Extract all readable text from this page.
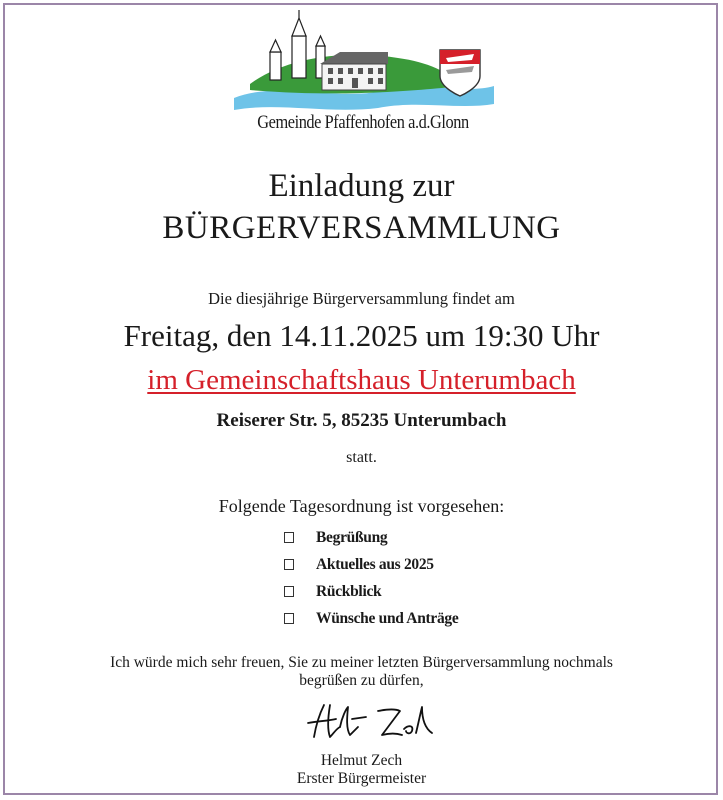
Gemeinde Pfaffenhofen a.d.Glonn
Einladung zur
BÜRGERVERSAMMLUNG
Die diesjährige Bürgerversammlung findet am
Freitag, den 14.11.2025 um 19:30 Uhr
im Gemeinschaftshaus Unterumbach
Reiserer Str. 5, 85235 Unterumbach
statt.
Folgende Tagesordnung ist vorgesehen:
Begrüßung
Aktuelles aus 2025
Rückblick
Wünsche und Anträge
Ich würde mich sehr freuen, Sie zu meiner letzten Bürgerversammlung nochmals
begrüßen zu dürfen,
Helmut Zech
Erster Bürgermeister
